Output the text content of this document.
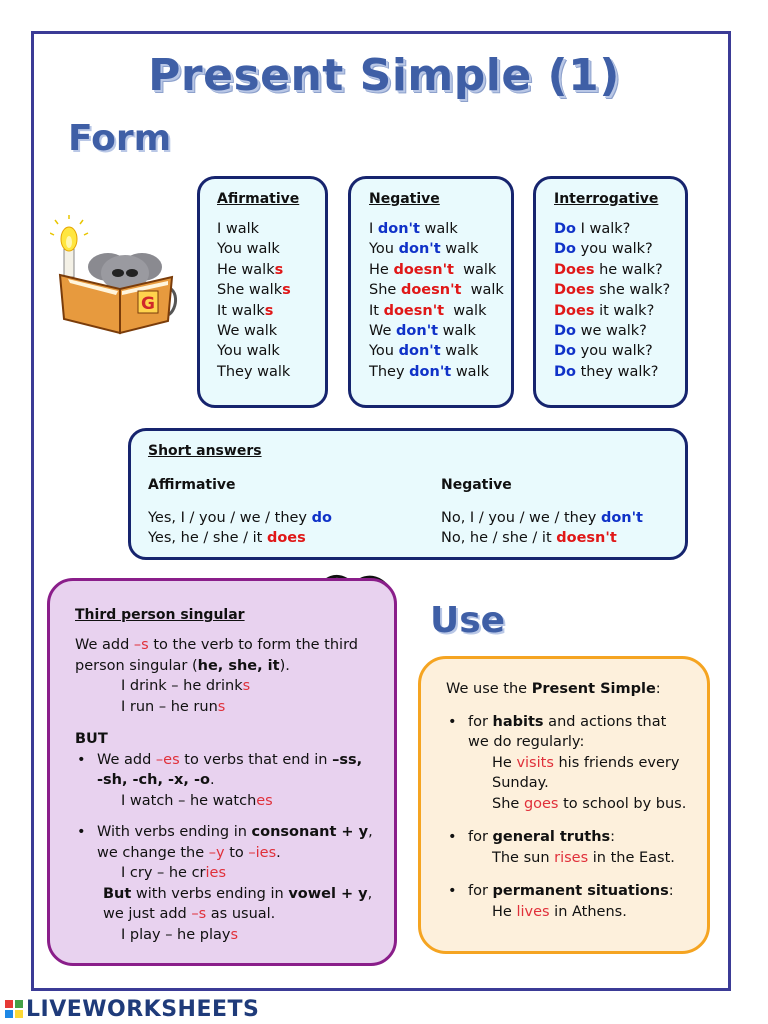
Present Simple (1)
Form
Use
G
Afirmative
I walk
You walk
He walks
She walks
It walks
We walk
You walk
They walk
Negative
I don't walk
You don't walk
He doesn't  walk
She doesn't  walk
It doesn't  walk
We don't walk
You don't walk
They don't walk
Interrogative
Do I walk?
Do you walk?
Does he walk?
Does she walk?
Does it walk?
Do we walk?
Do you walk?
Do they walk?
Short answers
Affirmative	Negative
Yes, I / you / we / they do
Yes, he / she / it does
No, I / you / we / they don't
No, he / she / it doesn't
Third person singular
We add –s to the verb to form the third
person singular (he, she, it).
I drink – he drinks
I run – he runs
BUT
• We add –es to verbs that end in –ss,
-sh, -ch, -x, -o.
I watch – he watches
• With verbs ending in consonant + y,
we change the –y to –ies.
I cry – he cries
But with verbs ending in vowel + y,
we just add –s as usual.
I play – he plays
We use the Present Simple:
• for habits and actions that
we do regularly:
He visits his friends every
Sunday.
She goes to school by bus.
• for general truths:
The sun rises in the East.
• for permanent situations:
He lives in Athens.
LIVEWORKSHEETS
